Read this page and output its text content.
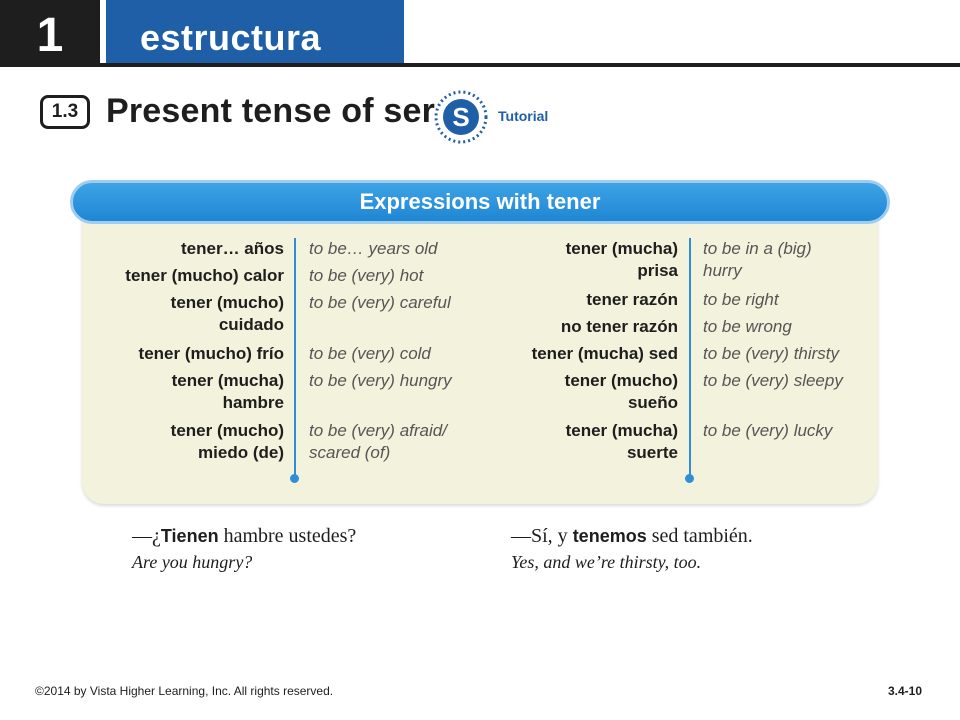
1	estructura
1.3 Present tense of ser S Tutorial
Expressions with tener
tener… años to be… years old
tener (mucho) calor to be (very) hot
tener (mucho)
cuidado
to be (very) careful
tener (mucho) frío to be (very) cold
tener (mucha)
hambre
to be (very) hungry
tener (mucho)
miedo (de)
to be (very) afraid/
scared (of)
tener (mucha)
prisa
to be in a (big)
hurry
tener razón to be right
no tener razón to be wrong
tener (mucha) sed to be (very) thirsty
tener (mucho)
sueño
to be (very) sleepy
tener (mucha)
suerte
to be (very) lucky
—¿Tienen hambre ustedes?
Are you hungry?
—Sí, y tenemos sed también.
Yes, and we’re thirsty, too.
©2014 by Vista Higher Learning, Inc. All rights reserved.	3.4-10
